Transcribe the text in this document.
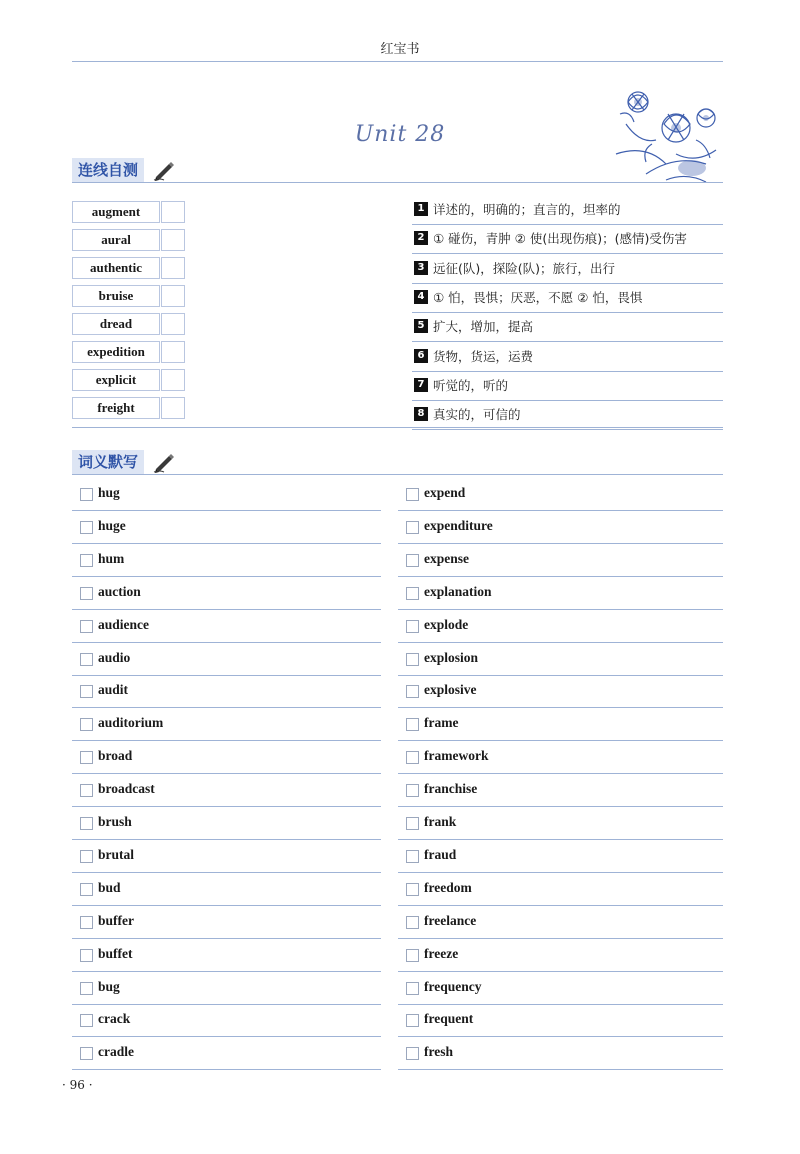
红宝书
Unit 28
连线自测
augment
aural
authentic
bruise
dread
expedition
explicit
freight
1 详述的，明确的；直言的，坦率的
2 ① 碰伤，青肿 ② 使(出现伤痕)；(感情)受伤害
3 远征(队)，探险(队)；旅行，出行
4 ① 怕，畏惧；厌恶，不愿 ② 怕，畏惧
5 扩大，增加，提高
6 货物，货运，运费
7 听觉的，听的
8 真实的，可信的
词义默写
hug
huge
hum
auction
audience
audio
audit
auditorium
broad
broadcast
brush
brutal
bud
buffer
buffet
bug
crack
cradle
expend
expenditure
expense
explanation
explode
explosion
explosive
frame
framework
franchise
frank
fraud
freedom
freelance
freeze
frequency
frequent
fresh
· 96 ·
